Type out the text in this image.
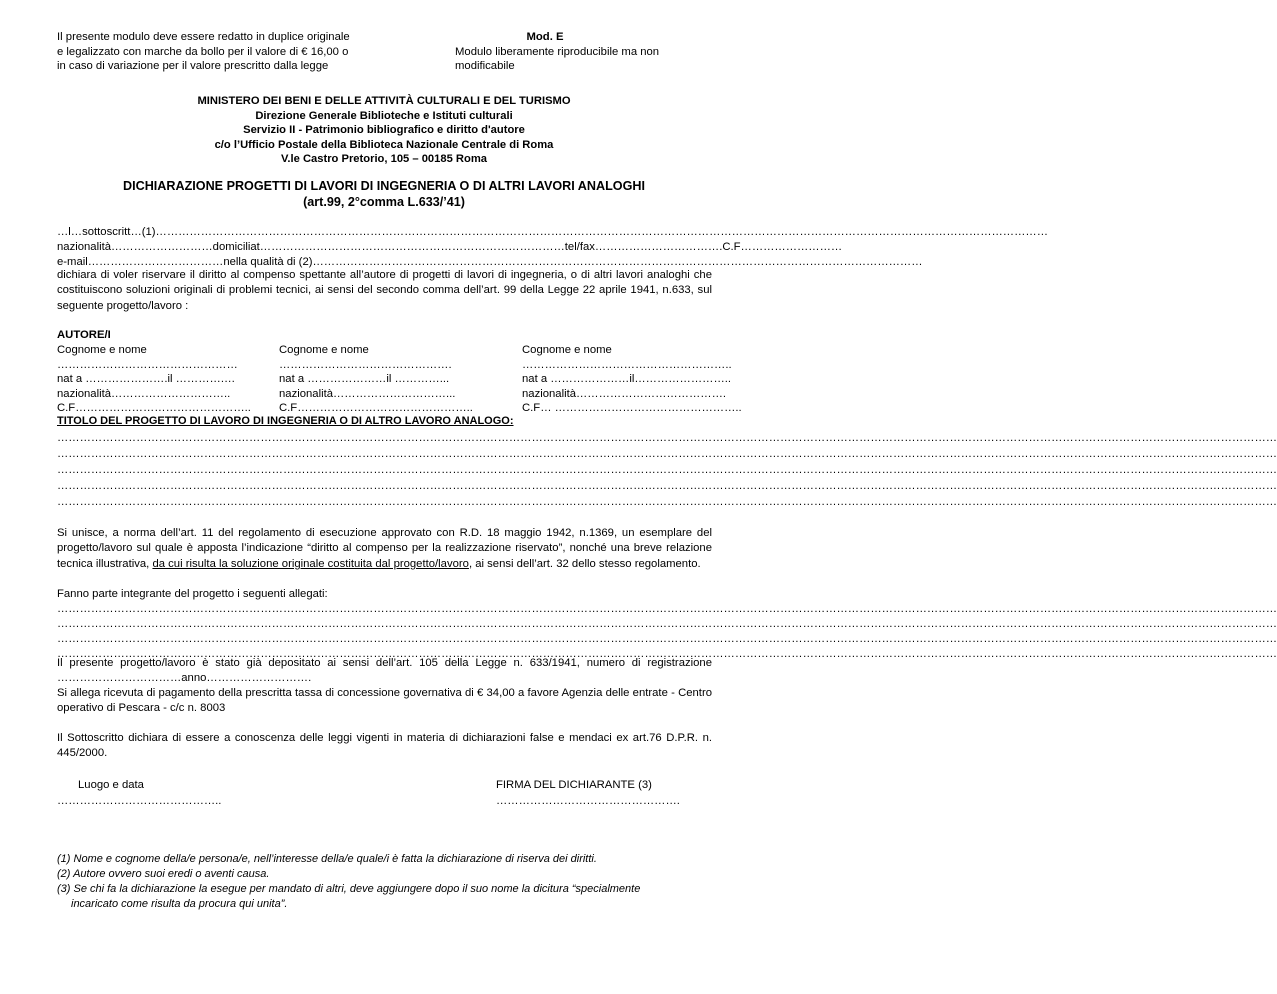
Il presente modulo deve essere redatto in duplice originale
e legalizzato con marche da bollo per il valore di € 16,00 o
in caso di variazione per il valore prescritto dalla legge
Mod. E
Modulo liberamente riproducibile ma non
modificabile
MINISTERO DEI BENI E DELLE ATTIVITÀ CULTURALI E DEL TURISMO
Direzione Generale Biblioteche e Istituti culturali
Servizio II - Patrimonio bibliografico e diritto d'autore
c/o l’Ufficio Postale della Biblioteca Nazionale Centrale di Roma
V.le Castro Pretorio, 105 – 00185 Roma
DICHIARAZIONE PROGETTI DI LAVORI DI INGEGNERIA O DI ALTRI LAVORI ANALOGHI
(art.99, 2°comma L.633/’41)
…l…sottoscritt…(1)…………………………………………………………………………………………………………………………………………………………………………………………………………………
nazionalità………………………domiciliat………………………………………………………………………tel/fax…………………………….C.F………………………
e-mail………………………………nella qualità di (2)………………………………………………………………………………………………………………………………………………
dichiara di voler riservare il diritto al compenso spettante all’autore di progetti di lavori di ingegneria, o di altri lavori analoghi che costituiscono soluzioni originali di problemi tecnici, ai sensi del secondo comma dell’art. 99 della Legge 22 aprile 1941, n.633, sul seguente progetto/lavoro :
AUTORE/I
Cognome e nome
…………………………………………
nat a ………………….il ………….…
nazionalità…………………………..
C.F………………………………………..
Cognome e nome
……………………………………….
nat a …………………il …………...
nazionalità…………………………...
C.F………………………………………..
Cognome e nome
………………………………………………..
nat a …………………il……………………..
nazionalità………………………………….
C.F… …………………………………………..
TITOLO DEL PROGETTO DI LAVORO DI INGEGNERIA O DI ALTRO LAVORO ANALOGO:
………………………………………………………………………………………………………………………………………………………………………………………………………………………………………………………………………………………………
………………………………………………………………………………………………………………………………………………………………………………………………………………………………………………………………………………………………
………………………………………………………………………………………………………………………………………………………………………………………………………………………………………………………………………………………………
………………………………………………………………………………………………………………………………………………………………………………………………………………………………………………………………………………………………
………………………………………………………………………………………………………………………………………………………………………………………………………………………………………………………………………………………………
Si unisce, a norma dell’art. 11 del regolamento di esecuzione approvato con R.D. 18 maggio 1942, n.1369, un esemplare del progetto/lavoro sul quale è apposta l’indicazione “diritto al compenso per la realizzazione riservato”, nonché una breve relazione tecnica illustrativa, da cui risulta la soluzione originale costituita dal progetto/lavoro, ai sensi dell’art. 32 dello stesso regolamento.
Fanno parte integrante del progetto i seguenti allegati:
………………………………………………………………………………………………………………………………………………………………………………………………………………………………………………………………………………………………
………………………………………………………………………………………………………………………………………………………………………………………………………………………………………………………………………………………………
………………………………………………………………………………………………………………………………………………………………………………………………………………………………………………………………………………………………
………………………………………………………………………………………………………………………………………………………………………………………………………………………………………………………………………………………………
Il presente progetto/lavoro è stato già depositato ai sensi dell’art. 105 della Legge n. 633/1941, numero di registrazione ……………………………anno……………………….
Si allega ricevuta di pagamento della prescritta tassa di concessione governativa di € 34,00 a favore Agenzia delle entrate - Centro operativo di Pescara - c/c n. 8003
Il Sottoscritto dichiara di essere a conoscenza delle leggi vigenti in materia di dichiarazioni false e mendaci ex art.76 D.P.R. n. 445/2000.
Luogo e data
……………………………………..
FIRMA DEL DICHIARANTE (3)
………………………………………….
(1) Nome e cognome della/e persona/e, nell’interesse della/e quale/i è fatta la dichiarazione di riserva dei diritti.
(2) Autore ovvero suoi eredi o aventi causa.
(3) Se chi fa la dichiarazione la esegue per mandato di altri, deve aggiungere dopo il suo nome la dicitura “specialmente
incaricato come risulta da procura qui unita”.
